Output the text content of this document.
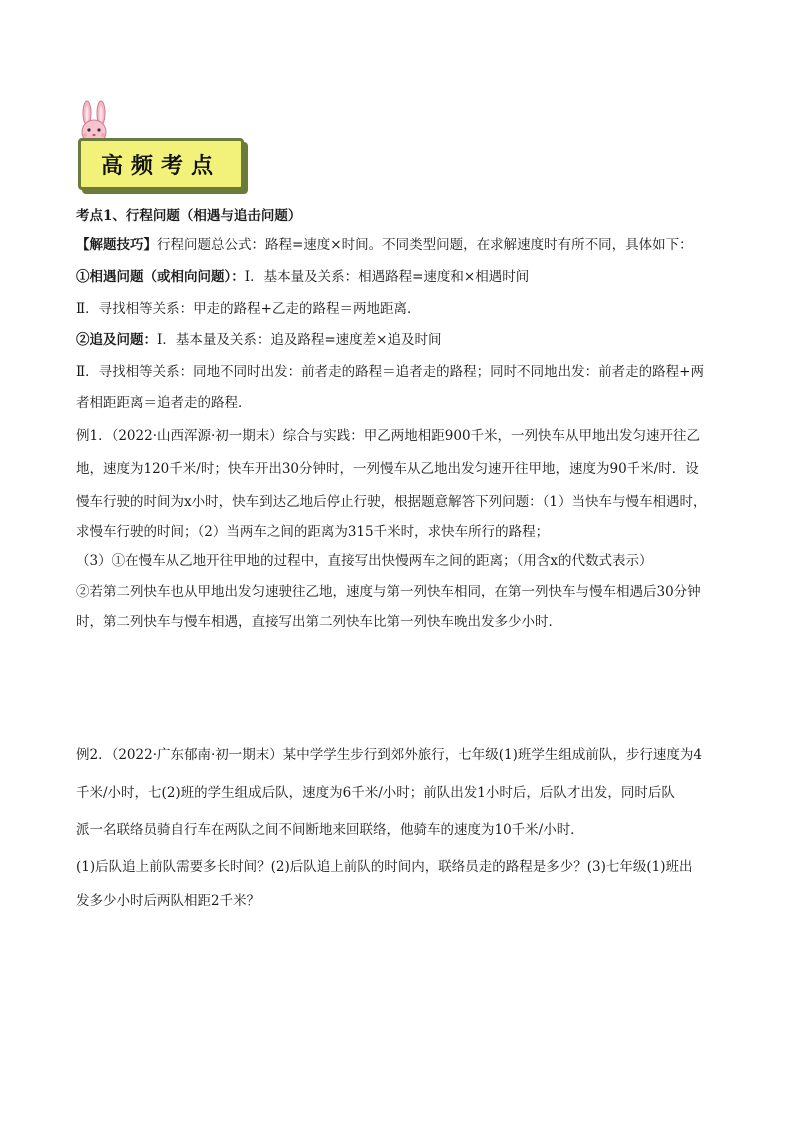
高频考点
考点1、行程问题（相遇与追击问题）
【解题技巧】行程问题总公式：路程=速度×时间。不同类型问题，在求解速度时有所不同，具体如下：
①相遇问题（或相向问题）：Ⅰ．基本量及关系：相遇路程=速度和×相遇时间
Ⅱ．寻找相等关系：甲走的路程+乙走的路程＝两地距离．
②追及问题：Ⅰ．基本量及关系：追及路程=速度差×追及时间
Ⅱ．寻找相等关系：同地不同时出发：前者走的路程＝追者走的路程；同时不同地出发：前者走的路程+两
者相距距离＝追者走的路程．
例1．（2022·山西浑源·初一期末）综合与实践：甲乙两地相距900千米，一列快车从甲地出发匀速开往乙
地，速度为120千米/时；快车开出30分钟时，一列慢车从乙地出发匀速开往甲地，速度为90千米/时．设
慢车行驶的时间为x小时，快车到达乙地后停止行驶，根据题意解答下列问题：（1）当快车与慢车相遇时，
求慢车行驶的时间；（2）当两车之间的距离为315千米时，求快车所行的路程；
（3）①在慢车从乙地开往甲地的过程中，直接写出快慢两车之间的距离；（用含x的代数式表示）
②若第二列快车也从甲地出发匀速驶往乙地，速度与第一列快车相同，在第一列快车与慢车相遇后30分钟
时，第二列快车与慢车相遇，直接写出第二列快车比第一列快车晚出发多少小时．
例2．（2022·广东郁南·初一期末）某中学学生步行到郊外旅行，七年级(1)班学生组成前队，步行速度为4
千米/小时，七(2)班的学生组成后队，速度为6千米/小时；前队出发1小时后，后队才出发，同时后队
派一名联络员骑自行车在两队之间不间断地来回联络，他骑车的速度为10千米/小时．
(1)后队追上前队需要多长时间？(2)后队追上前队的时间内，联络员走的路程是多少？(3)七年级(1)班出
发多少小时后两队相距2千米？
